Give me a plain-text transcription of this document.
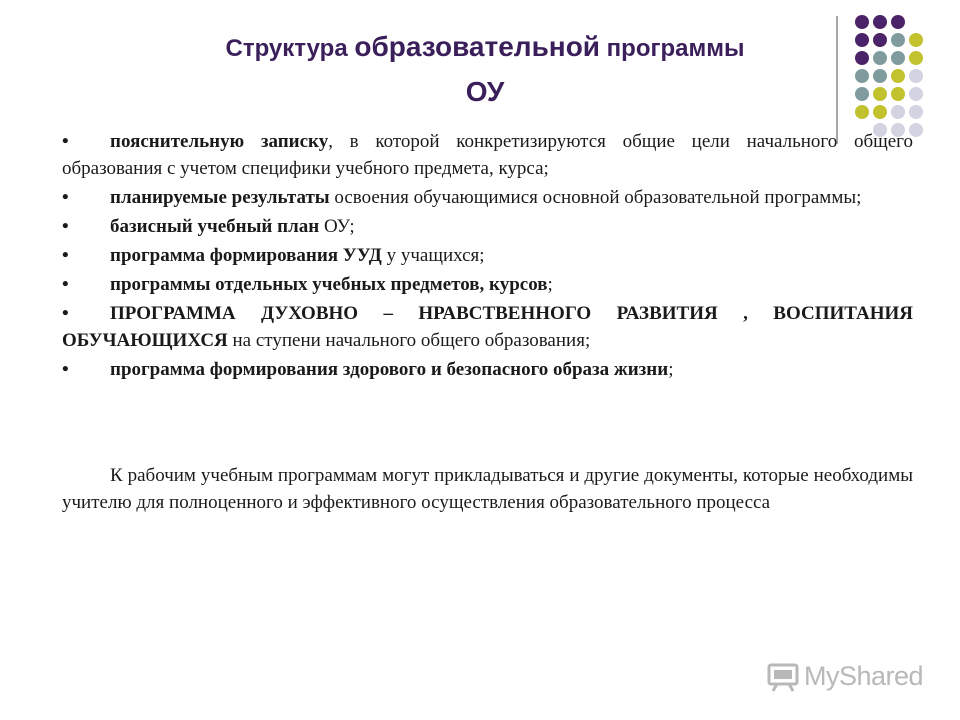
Структура образовательной программы
ОУ
• пояснительную записку, в которой конкретизируются общие цели начального общего образования с учетом специфики учебного предмета, курса;
• планируемые результаты освоения обучающимися основной образовательной программы;
• базисный учебный план ОУ;
• программа формирования УУД у учащихся;
• программы отдельных учебных предметов, курсов;
• ПРОГРАММА ДУХОВНО – НРАВСТВЕННОГО РАЗВИТИЯ , ВОСПИТАНИЯ ОБУЧАЮЩИХСЯ на ступени начального общего образования;
• программа формирования здорового и безопасного образа жизни;
К рабочим учебным программам могут прикладываться и другие документы, которые необходимы учителю для полноценного и эффективного осуществления образовательного процесса
MyShared
